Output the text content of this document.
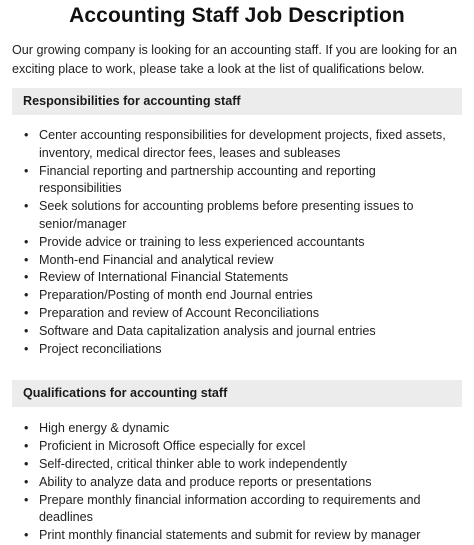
Accounting Staff Job Description

Our growing company is looking for an accounting staff. If you are looking for an exciting place to work, please take a look at the list of qualifications below.

Responsibilities for accounting staff
• Center accounting responsibilities for development projects, fixed assets, inventory, medical director fees, leases and subleases
• Financial reporting and partnership accounting and reporting responsibilities
• Seek solutions for accounting problems before presenting issues to senior/manager
• Provide advice or training to less experienced accountants
• Month-end Financial and analytical review
• Review of International Financial Statements
• Preparation/Posting of month end Journal entries
• Preparation and review of Account Reconciliations
• Software and Data capitalization analysis and journal entries
• Project reconciliations
Qualifications for accounting staff
• High energy & dynamic
• Proficient in Microsoft Office especially for excel
• Self-directed, critical thinker able to work independently
• Ability to analyze data and produce reports or presentations
• Prepare monthly financial information according to requirements and deadlines
• Print monthly financial statements and submit for review by manager
